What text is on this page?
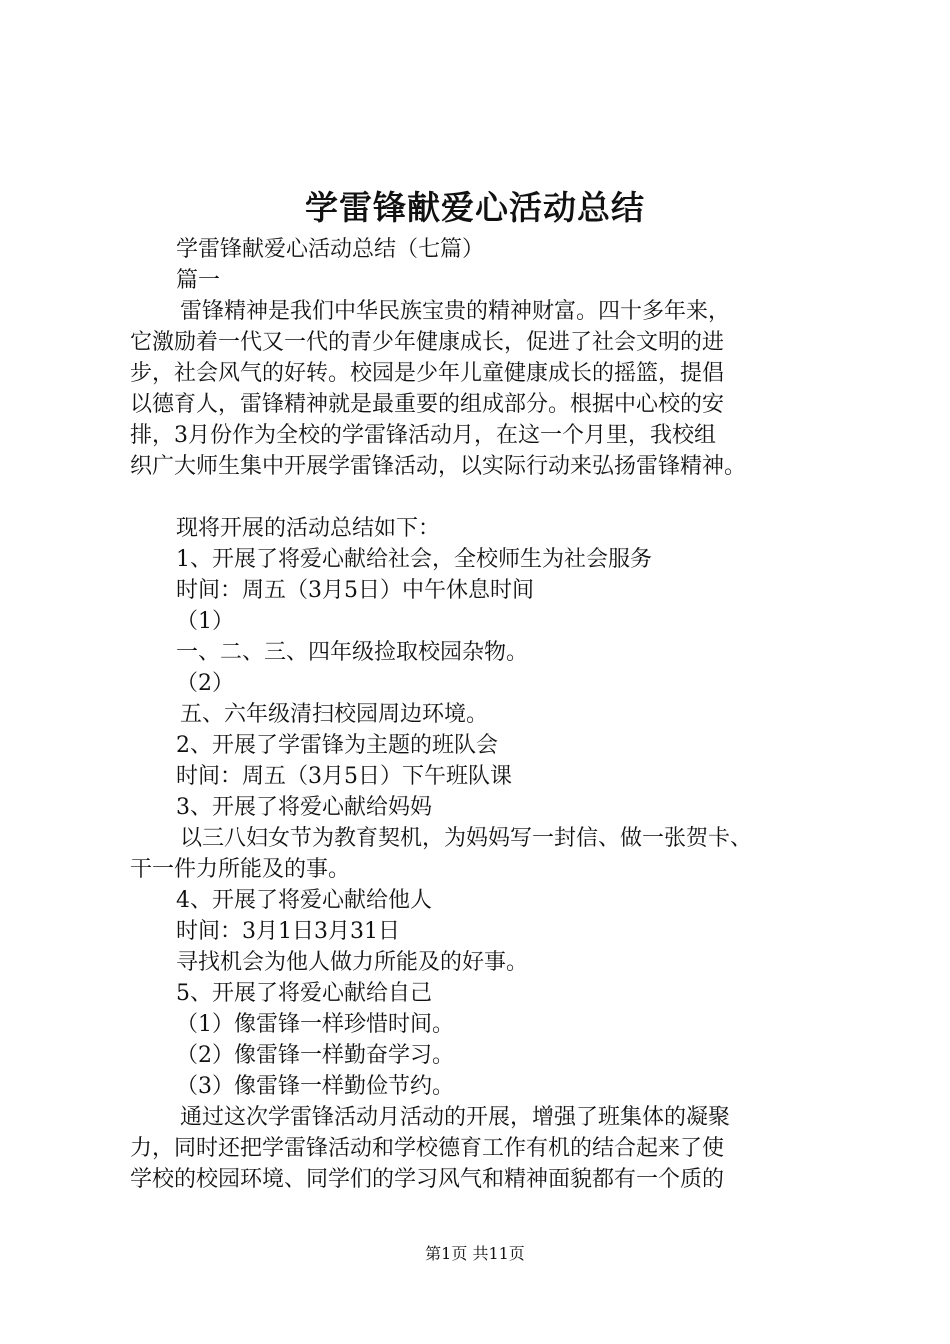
学雷锋献爱心活动总结

学雷锋献爱心活动总结（七篇）

篇一

雷锋精神是我们中华民族宝贵的精神财富。四十多年来，

它激励着一代又一代的青少年健康成长，促进了社会文明的进

步，社会风气的好转。校园是少年儿童健康成长的摇篮，提倡

以德育人，雷锋精神就是最重要的组成部分。根据中心校的安

排，3月份作为全校的学雷锋活动月，在这一个月里，我校组

织广大师生集中开展学雷锋活动，以实际行动来弘扬雷锋精神。

现将开展的活动总结如下：

1、开展了将爱心献给社会，全校师生为社会服务

时间：周五（3月5日）中午休息时间

（1）

一、二、三、四年级捡取校园杂物。

（2）

五、六年级清扫校园周边环境。

2、开展了学雷锋为主题的班队会

时间：周五（3月5日）下午班队课

3、开展了将爱心献给妈妈

以三八妇女节为教育契机，为妈妈写一封信、做一张贺卡、

干一件力所能及的事。

4、开展了将爱心献给他人

时间：3月1日3月31日

寻找机会为他人做力所能及的好事。

5、开展了将爱心献给自己

（1）像雷锋一样珍惜时间。

（2）像雷锋一样勤奋学习。

（3）像雷锋一样勤俭节约。

通过这次学雷锋活动月活动的开展，增强了班集体的凝聚

力，同时还把学雷锋活动和学校德育工作有机的结合起来了使

学校的校园环境、同学们的学习风气和精神面貌都有一个质的

第1页 共11页
